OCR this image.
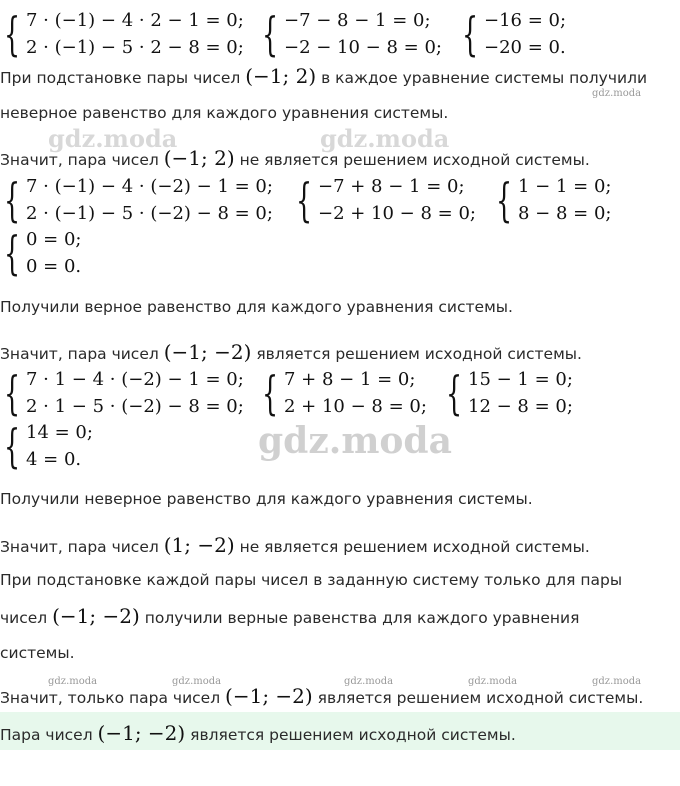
gdz.moda
gdz.moda	gdz.moda
gdz.moda
gdz.moda	gdz.moda	gdz.moda	gdz.moda	gdz.moda
{ 7 · (−1) − 4 · 2 − 1 = 0;
2 · (−1) − 5 · 2 − 8 = 0; { −7 − 8 − 1 = 0;
−2 − 10 − 8 = 0; { −16 = 0;
−20 = 0.
При подстановке пары чисел (−1; 2) в каждое уравнение системы получили
неверное равенство для каждого уравнения системы.
Значит, пара чисел (−1; 2) не является решением исходной системы.
{ 7 · (−1) − 4 · (−2) − 1 = 0;
2 · (−1) − 5 · (−2) − 8 = 0; { −7 + 8 − 1 = 0;
−2 + 10 − 8 = 0; { 1 − 1 = 0;
8 − 8 = 0;
{ 0 = 0;
0 = 0.
Получили верное равенство для каждого уравнения системы.
Значит, пара чисел (−1; −2) является решением исходной системы.
{ 7 · 1 − 4 · (−2) − 1 = 0;
2 · 1 − 5 · (−2) − 8 = 0; { 7 + 8 − 1 = 0;
2 + 10 − 8 = 0; { 15 − 1 = 0;
12 − 8 = 0;
{ 14 = 0;
4 = 0.
Получили неверное равенство для каждого уравнения системы.
Значит, пара чисел (1; −2) не является решением исходной системы.
При подстановке каждой пары чисел в заданную систему только для пары
чисел (−1; −2) получили верные равенства для каждого уравнения
системы.
Значит, только пара чисел (−1; −2) является решением исходной системы.
Пара чисел (−1; −2) является решением исходной системы.
